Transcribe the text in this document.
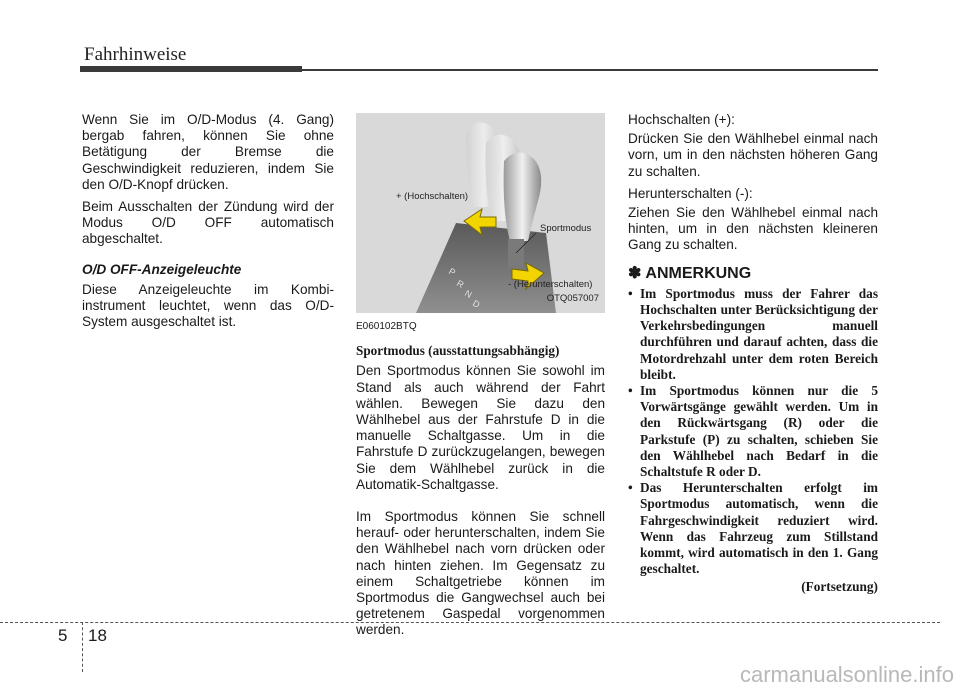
Fahrhinweise

Wenn Sie im O/D-Modus (4. Gang) bergab fahren, können Sie ohne Betätigung der Bremse die Geschwindigkeit reduzieren, indem Sie den O/D-Knopf drücken.

Beim Ausschalten der Zündung wird der Modus O/D OFF automatisch abgeschaltet.

O/D OFF-Anzeigeleuchte

Diese Anzeigeleuchte im Kombi-instrument leuchtet, wenn das O/D-System ausgeschaltet ist.

P
R
N
D
+ (Hochschalten)
Sportmodus
- (Herunterschalten)
OTQ057007

E060102BTQ

Sportmodus (ausstattungsabhängig)

Den Sportmodus können Sie sowohl im Stand als auch während der Fahrt wählen. Bewegen Sie dazu den Wählhebel aus der Fahrstufe D in die manuelle Schaltgasse. Um in die Fahrstufe D zurückzugelangen, bewegen Sie dem Wählhebel zurück in die Automatik-Schaltgasse.

Im Sportmodus können Sie schnell herauf- oder herunterschalten, indem Sie den Wählhebel nach vorn drücken oder nach hinten ziehen. Im Gegensatz zu einem Schaltgetriebe können im Sportmodus die Gangwechsel auch bei getretenem Gaspedal vorgenommen werden.

Hochschalten (+):

Drücken Sie den Wählhebel einmal nach vorn, um in den nächsten höheren Gang zu schalten.

Herunterschalten (-):

Ziehen Sie den Wählhebel einmal nach hinten, um in den nächsten kleineren Gang zu schalten.

✽ ANMERKUNG
• Im Sportmodus muss der Fahrer das Hochschalten unter Berücksichtigung der Verkehrsbedingungen manuell durchführen und darauf achten, dass die Motordrehzahl unter dem roten Bereich bleibt.
• Im Sportmodus können nur die 5 Vorwärtsgänge gewählt werden. Um in den Rückwärtsgang (R) oder die Parkstufe (P) zu schalten, schieben Sie den Wählhebel nach Bedarf in die Schaltstufe R oder D.
• Das Herunterschalten erfolgt im Sportmodus automatisch, wenn die Fahrgeschwindigkeit reduziert wird. Wenn das Fahrzeug zum Stillstand kommt, wird automatisch in den 1. Gang geschaltet.
(Fortsetzung)
5 18
carmanualsonline.info
